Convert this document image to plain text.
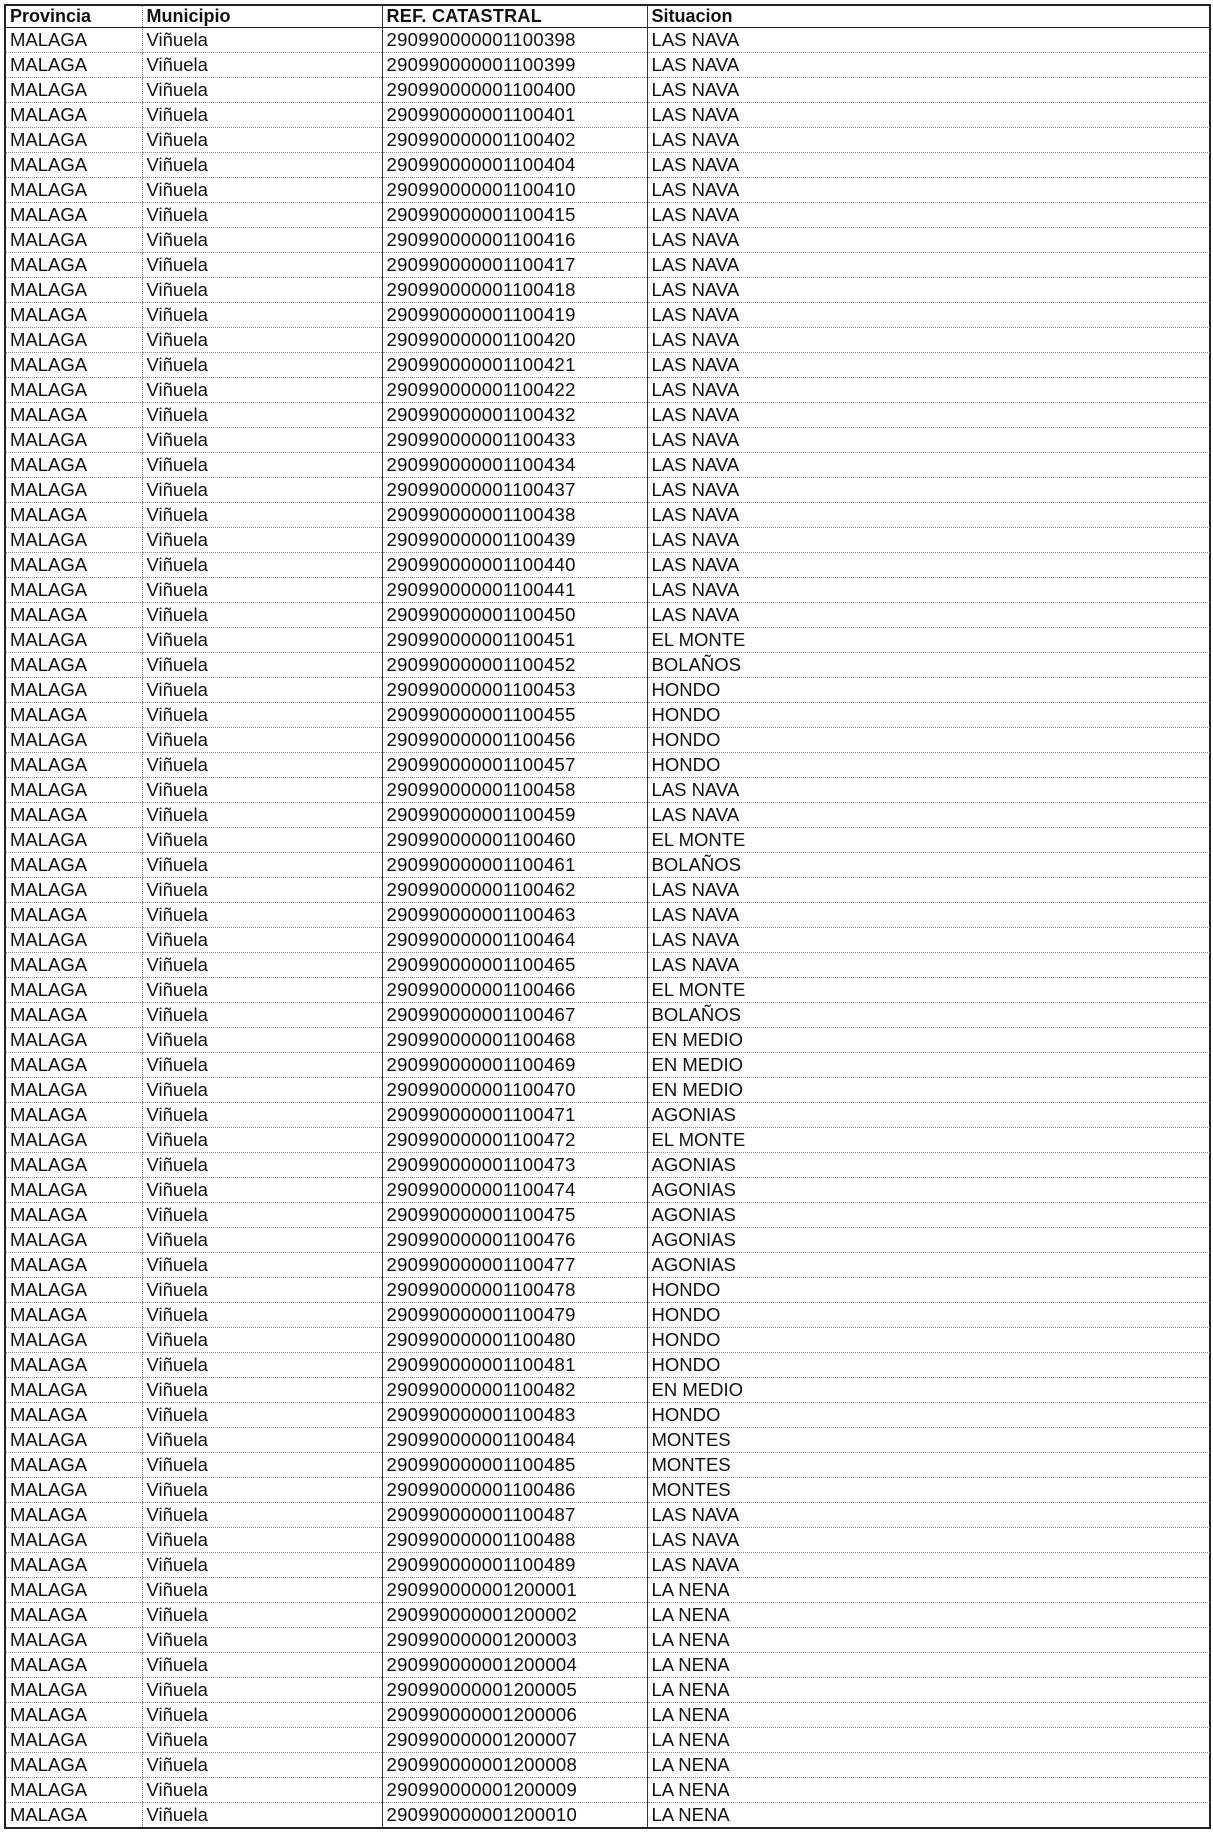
Provincia	Municipio	REF. CATASTRAL	Situacion
MALAGA	Viñuela	290990000001100398	LAS NAVA
MALAGA	Viñuela	290990000001100399	LAS NAVA
MALAGA	Viñuela	290990000001100400	LAS NAVA
MALAGA	Viñuela	290990000001100401	LAS NAVA
MALAGA	Viñuela	290990000001100402	LAS NAVA
MALAGA	Viñuela	290990000001100404	LAS NAVA
MALAGA	Viñuela	290990000001100410	LAS NAVA
MALAGA	Viñuela	290990000001100415	LAS NAVA
MALAGA	Viñuela	290990000001100416	LAS NAVA
MALAGA	Viñuela	290990000001100417	LAS NAVA
MALAGA	Viñuela	290990000001100418	LAS NAVA
MALAGA	Viñuela	290990000001100419	LAS NAVA
MALAGA	Viñuela	290990000001100420	LAS NAVA
MALAGA	Viñuela	290990000001100421	LAS NAVA
MALAGA	Viñuela	290990000001100422	LAS NAVA
MALAGA	Viñuela	290990000001100432	LAS NAVA
MALAGA	Viñuela	290990000001100433	LAS NAVA
MALAGA	Viñuela	290990000001100434	LAS NAVA
MALAGA	Viñuela	290990000001100437	LAS NAVA
MALAGA	Viñuela	290990000001100438	LAS NAVA
MALAGA	Viñuela	290990000001100439	LAS NAVA
MALAGA	Viñuela	290990000001100440	LAS NAVA
MALAGA	Viñuela	290990000001100441	LAS NAVA
MALAGA	Viñuela	290990000001100450	LAS NAVA
MALAGA	Viñuela	290990000001100451	EL MONTE
MALAGA	Viñuela	290990000001100452	BOLAÑOS
MALAGA	Viñuela	290990000001100453	HONDO
MALAGA	Viñuela	290990000001100455	HONDO
MALAGA	Viñuela	290990000001100456	HONDO
MALAGA	Viñuela	290990000001100457	HONDO
MALAGA	Viñuela	290990000001100458	LAS NAVA
MALAGA	Viñuela	290990000001100459	LAS NAVA
MALAGA	Viñuela	290990000001100460	EL MONTE
MALAGA	Viñuela	290990000001100461	BOLAÑOS
MALAGA	Viñuela	290990000001100462	LAS NAVA
MALAGA	Viñuela	290990000001100463	LAS NAVA
MALAGA	Viñuela	290990000001100464	LAS NAVA
MALAGA	Viñuela	290990000001100465	LAS NAVA
MALAGA	Viñuela	290990000001100466	EL MONTE
MALAGA	Viñuela	290990000001100467	BOLAÑOS
MALAGA	Viñuela	290990000001100468	EN MEDIO
MALAGA	Viñuela	290990000001100469	EN MEDIO
MALAGA	Viñuela	290990000001100470	EN MEDIO
MALAGA	Viñuela	290990000001100471	AGONIAS
MALAGA	Viñuela	290990000001100472	EL MONTE
MALAGA	Viñuela	290990000001100473	AGONIAS
MALAGA	Viñuela	290990000001100474	AGONIAS
MALAGA	Viñuela	290990000001100475	AGONIAS
MALAGA	Viñuela	290990000001100476	AGONIAS
MALAGA	Viñuela	290990000001100477	AGONIAS
MALAGA	Viñuela	290990000001100478	HONDO
MALAGA	Viñuela	290990000001100479	HONDO
MALAGA	Viñuela	290990000001100480	HONDO
MALAGA	Viñuela	290990000001100481	HONDO
MALAGA	Viñuela	290990000001100482	EN MEDIO
MALAGA	Viñuela	290990000001100483	HONDO
MALAGA	Viñuela	290990000001100484	MONTES
MALAGA	Viñuela	290990000001100485	MONTES
MALAGA	Viñuela	290990000001100486	MONTES
MALAGA	Viñuela	290990000001100487	LAS NAVA
MALAGA	Viñuela	290990000001100488	LAS NAVA
MALAGA	Viñuela	290990000001100489	LAS NAVA
MALAGA	Viñuela	290990000001200001	LA NENA
MALAGA	Viñuela	290990000001200002	LA NENA
MALAGA	Viñuela	290990000001200003	LA NENA
MALAGA	Viñuela	290990000001200004	LA NENA
MALAGA	Viñuela	290990000001200005	LA NENA
MALAGA	Viñuela	290990000001200006	LA NENA
MALAGA	Viñuela	290990000001200007	LA NENA
MALAGA	Viñuela	290990000001200008	LA NENA
MALAGA	Viñuela	290990000001200009	LA NENA
MALAGA	Viñuela	290990000001200010	LA NENA
